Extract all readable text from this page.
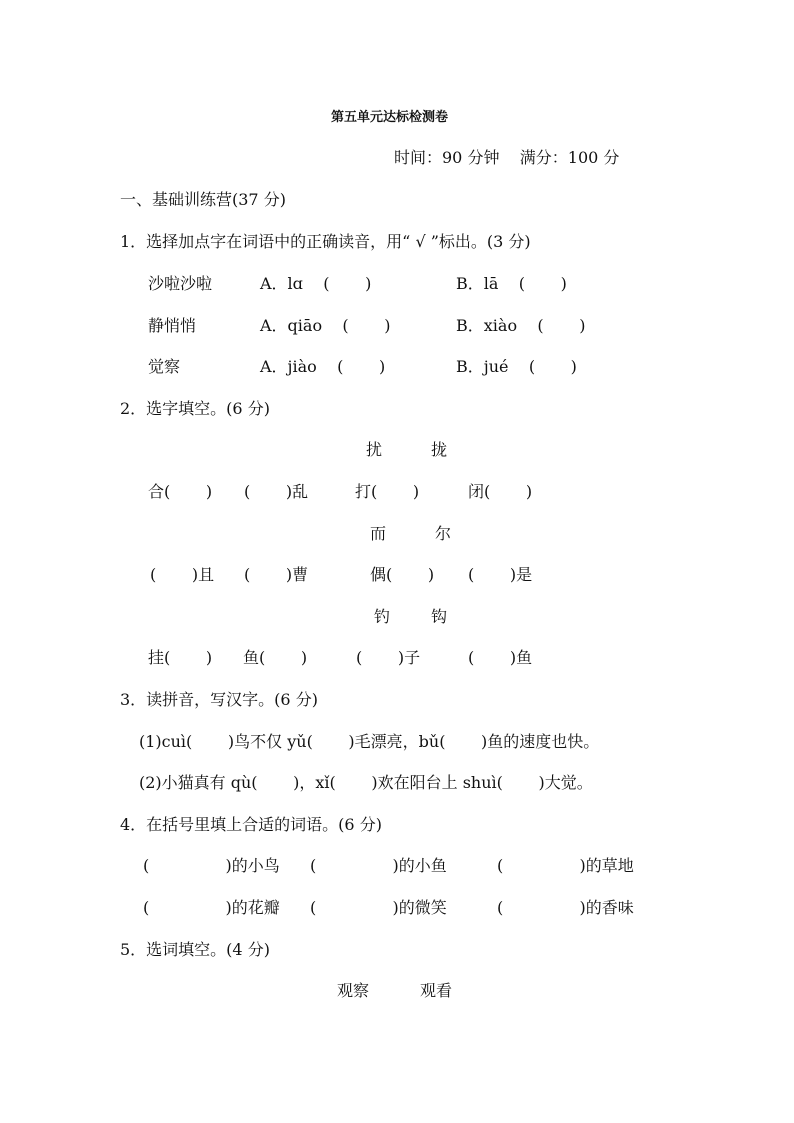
第五单元达标检测卷
时间：90 分钟    满分：100 分
一、基础训练营(37 分)
1．选择加点字在词语中的正确读音，用“ √ ”标出。(3 分)
沙啦沙啦	A．lɑ    (       )	B．lā    (       )
静悄悄	A．qiāo    (       )	B．xiào    (       )
觉察	A．jiào    (       )	B．jué    (       )
2．选字填空。(6 分)
扰	拢
合(       ) (       )乱	打(       )	闭(       )
而	尔
(       )且 (       )曹	偶(       ) (       )是
钓	钩
挂(       ) 鱼(       )	(       )子	(       )鱼
3．读拼音，写汉字。(6 分)
(1)cuì(       )鸟不仅 yǔ(       )毛漂亮，bǔ(       )鱼的速度也快。
(2)小猫真有 qù(       )，xǐ(       )欢在阳台上 shuì(       )大觉。
4．在括号里填上合适的词语。(6 分)
(               )的小鸟 (               )的小鱼	(               )的草地
(               )的花瓣 (               )的微笑	(               )的香味
5．选词填空。(4 分)
观察	观看
